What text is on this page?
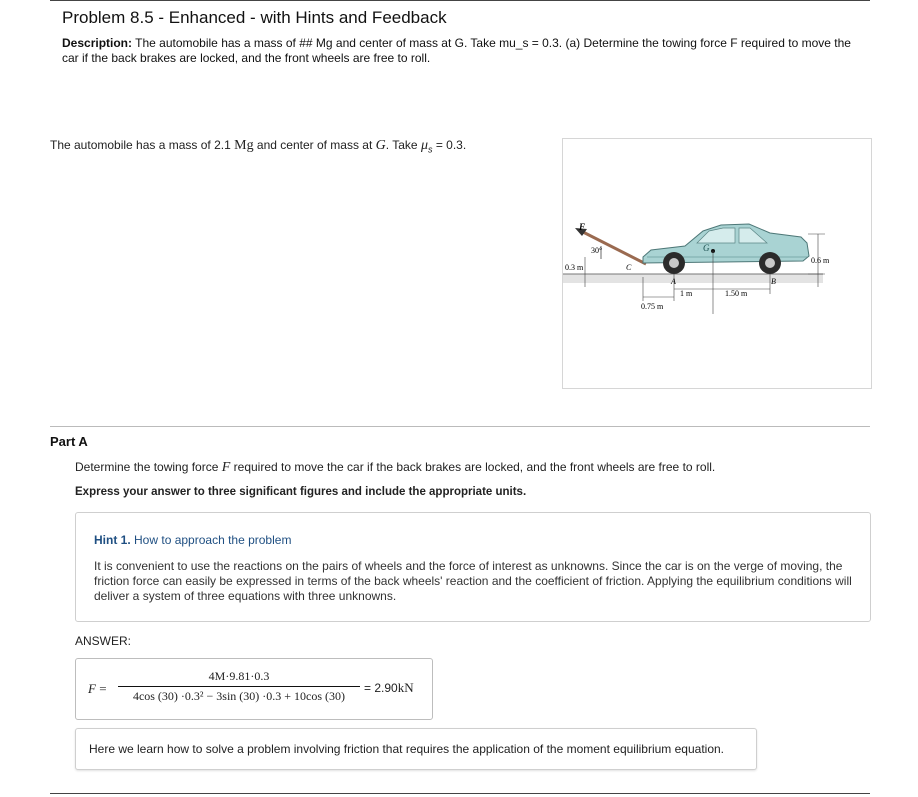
Problem 8.5 - Enhanced - with Hints and Feedback
Description: The automobile has a mass of ## Mg and center of mass at G. Take mu_s = 0.3. (a) Determine the towing force F required to move the car if the back brakes are locked, and the front wheels are free to roll.
The automobile has a mass of 2.1 Mg and center of mass at G. Take $\mu_s = 0.3$.
F
30°
0.3 m	C
G
A	B
1 m	1.50 m
0.75 m
0.6 m
Part A
Determine the towing force F required to move the car if the back brakes are locked, and the front wheels are free to roll.
Express your answer to three significant figures and include the appropriate units.
Hint 1. How to approach the problem
It is convenient to use the reactions on the pairs of wheels and the force of interest as unknowns. Since the car is on the verge of moving, the friction force can easily be expressed in terms of the back wheels' reaction and the coefficient of friction. Applying the equilibrium conditions will deliver a system of three equations with three unknowns.
ANSWER:
F =
4M·9.81·0.3
4cos (30) ·0.3² − 3sin (30) ·0.3 + 10cos (30)
= 2.90kN
Here we learn how to solve a problem involving friction that requires the application of the moment equilibrium equation.
